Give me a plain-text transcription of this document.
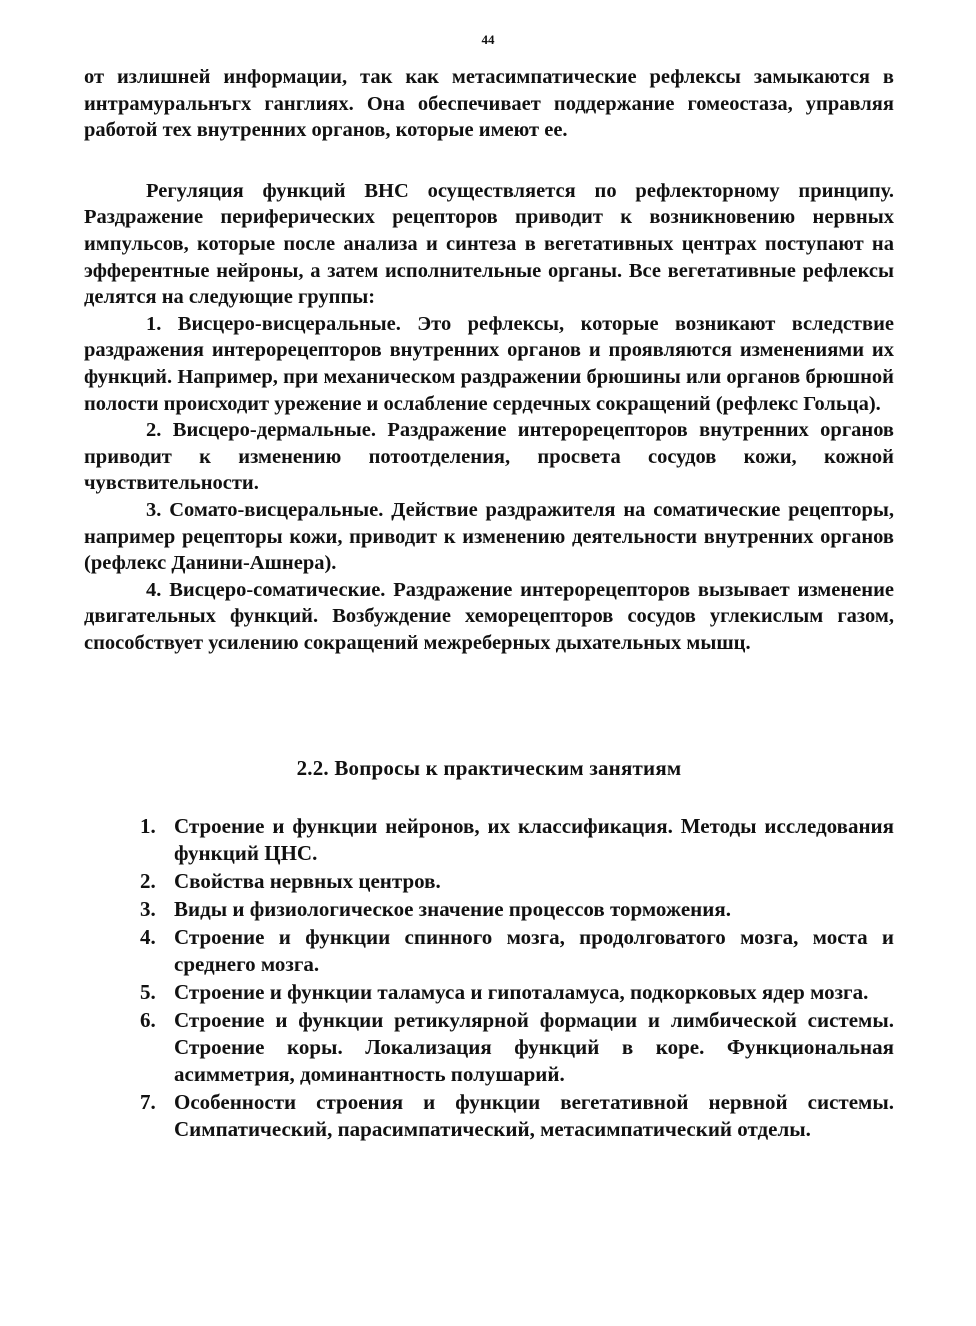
44

от излишней информации, так как метасимпатические рефлексы замыкаются в интрамуральнъгх ганглиях. Она обеспечивает поддержание гомеостаза, управляя работой тех внутренних органов, которые имеют ее.

Регуляция функций ВНС осуществляется по рефлекторному принципу. Раздражение периферических рецепторов приводит к возникновению нервных импульсов, которые после анализа и синтеза в вегетативных центрах поступают на эфферентные нейроны, а затем исполнительные органы. Все вегетативные рефлексы делятся на следующие группы:

1. Висцеро-висцеральные. Это рефлексы, которые возникают вследствие раздражения интерорецепторов внутренних органов и проявляются изменениями их функций. Например, при механическом раздражении брюшины или органов брюшной полости происходит урежение и ослабление сердечных сокращений (рефлекс Гольца).

2. Висцеро-дермальные. Раздражение интерорецепторов внутренних органов приводит к изменению потоотделения, просвета сосудов кожи, кожной чувствительности.

3. Сомато-висцеральные. Действие раздражителя на соматические рецепторы, например рецепторы кожи, приводит к изменению деятельности внутренних органов (рефлекс Данини-Ашнера).

4. Висцеро-соматические. Раздражение интерорецепторов вызывает изменение двигательных функций. Возбуждение хеморецепторов сосудов углекислым газом, способствует усилению сокращений межреберных дыхательных мышц.

2.2. Вопросы к практическим занятиям
1. Строение и функции нейронов, их классификация. Методы исследования функций ЦНС.
2. Свойства нервных центров.
3. Виды и физиологическое значение процессов торможения.
4. Строение и функции спинного мозга, продолговатого мозга, моста и среднего мозга.
5. Строение и функции таламуса и гипоталамуса, подкорковых ядер мозга.
6. Строение и функции ретикулярной формации и лимбической системы. Строение коры. Локализация функций в коре. Функциональная асимметрия, доминантность полушарий.
7. Особенности строения и функции вегетативной нервной системы. Симпатический, парасимпатический, метасимпатический отделы.
